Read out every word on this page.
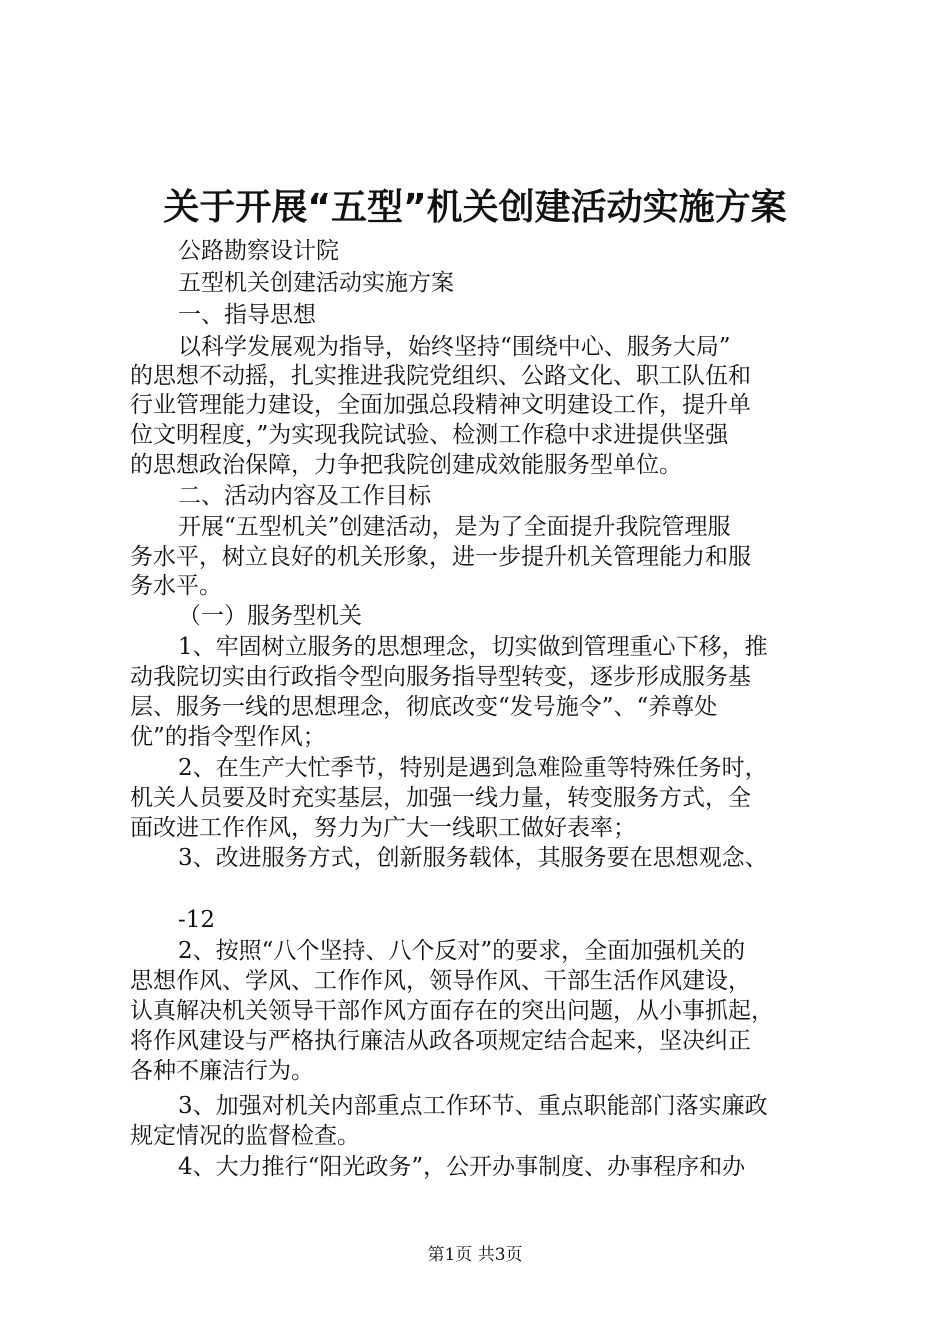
关于开展“五型”机关创建活动实施方案
公路勘察设计院
五型机关创建活动实施方案
一、指导思想
以科学发展观为指导，始终坚持“围绕中心、服务大局”
的思想不动摇，扎实推进我院党组织、公路文化、职工队伍和
行业管理能力建设，全面加强总段精神文明建设工作，提升单
位文明程度，”为实现我院试验、检测工作稳中求进提供坚强
的思想政治保障，力争把我院创建成效能服务型单位。
二、活动内容及工作目标
开展“五型机关”创建活动，是为了全面提升我院管理服
务水平，树立良好的机关形象，进一步提升机关管理能力和服
务水平。
（一）服务型机关
1、牢固树立服务的思想理念，切实做到管理重心下移，推
动我院切实由行政指令型向服务指导型转变，逐步形成服务基
层、服务一线的思想理念，彻底改变“发号施令”、“养尊处
优”的指令型作风；
2、在生产大忙季节，特别是遇到急难险重等特殊任务时，
机关人员要及时充实基层，加强一线力量，转变服务方式，全
面改进工作作风，努力为广大一线职工做好表率；
3、改进服务方式，创新服务载体，其服务要在思想观念、
-12
2、按照“八个坚持、八个反对”的要求，全面加强机关的
思想作风、学风、工作作风，领导作风、干部生活作风建设，
认真解决机关领导干部作风方面存在的突出问题，从小事抓起，
将作风建设与严格执行廉洁从政各项规定结合起来，坚决纠正
各种不廉洁行为。
3、加强对机关内部重点工作环节、重点职能部门落实廉政
规定情况的监督检查。
4、大力推行“阳光政务”，公开办事制度、办事程序和办
第1页 共3页
